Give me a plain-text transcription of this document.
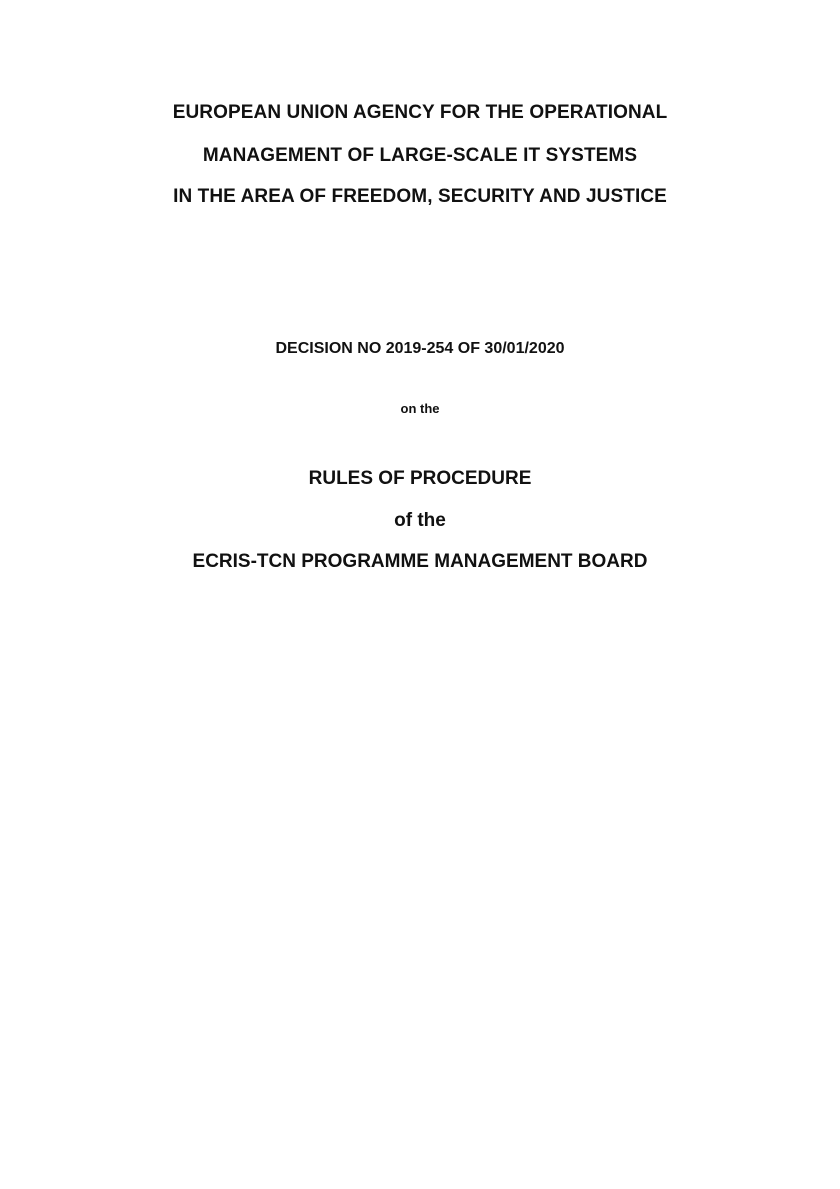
EUROPEAN UNION AGENCY FOR THE OPERATIONAL
MANAGEMENT OF LARGE-SCALE IT SYSTEMS
IN THE AREA OF FREEDOM, SECURITY AND JUSTICE
DECISION NO 2019-254 OF 30/01/2020
on the
RULES OF PROCEDURE
of the
ECRIS-TCN PROGRAMME MANAGEMENT BOARD
